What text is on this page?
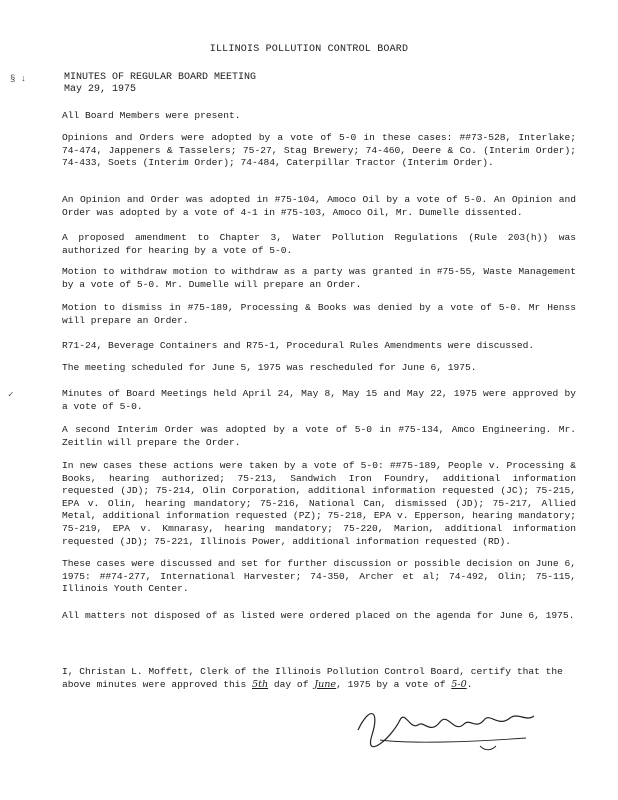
§ ↓
✓
ILLINOIS POLLUTION CONTROL BOARD
MINUTES OF REGULAR BOARD MEETING
May 29, 1975
All Board Members were present.
Opinions and Orders were adopted by a vote of 5-0 in these cases: ##73-528, Interlake; 74-474, Jappeners & Tasselers; 75-27, Stag Brewery; 74-460, Deere & Co. (Interim Order); 74-433, Soets (Interim Order); 74-484, Caterpillar Tractor (Interim Order).
An Opinion and Order was adopted in #75-104, Amoco Oil by a vote of 5-0. An Opinion and Order was adopted by a vote of 4-1 in #75-103, Amoco Oil, Mr. Dumelle dissented.
A proposed amendment to Chapter 3, Water Pollution Regulations (Rule 203(h)) was authorized for hearing by a vote of 5-0.
Motion to withdraw motion to withdraw as a party was granted in #75-55, Waste Management by a vote of 5-0. Mr. Dumelle will prepare an Order.
Motion to dismiss in #75-189, Processing & Books was denied by a vote of 5-0. Mr Henss will prepare an Order.
R71-24, Beverage Containers and R75-1, Procedural Rules Amendments were discussed.
The meeting scheduled for June 5, 1975 was rescheduled for June 6, 1975.
Minutes of Board Meetings held April 24, May 8, May 15 and May 22, 1975 were approved by a vote of 5-0.
A second Interim Order was adopted by a vote of 5-0 in #75-134, Amco Engineering. Mr. Zeitlin will prepare the Order.
In new cases these actions were taken by a vote of 5-0: ##75-189, People v. Processing & Books, hearing authorized; 75-213, Sandwich Iron Foundry, additional information requested (JD); 75-214, Olin Corporation, additional information requested (JC); 75-215, EPA v. Olin, hearing mandatory; 75-216, National Can, dismissed (JD); 75-217, Allied Metal, additional information requested (PZ); 75-218, EPA v. Epperson, hearing mandatory; 75-219, EPA v. Kmnarasy, hearing mandatory; 75-220, Marion, additional information requested (JD); 75-221, Illinois Power, additional information requested (RD).
These cases were discussed and set for further discussion or possible decision on June 6, 1975: ##74-277, International Harvester; 74-350, Archer et al; 74-492, Olin; 75-115, Illinois Youth Center.
All matters not disposed of as listed were ordered placed on the agenda for June 6, 1975.
I, Christan L. Moffett, Clerk of the Illinois Pollution Control Board, certify that the above minutes were approved this 5th day of June, 1975 by a vote of 5-0.
